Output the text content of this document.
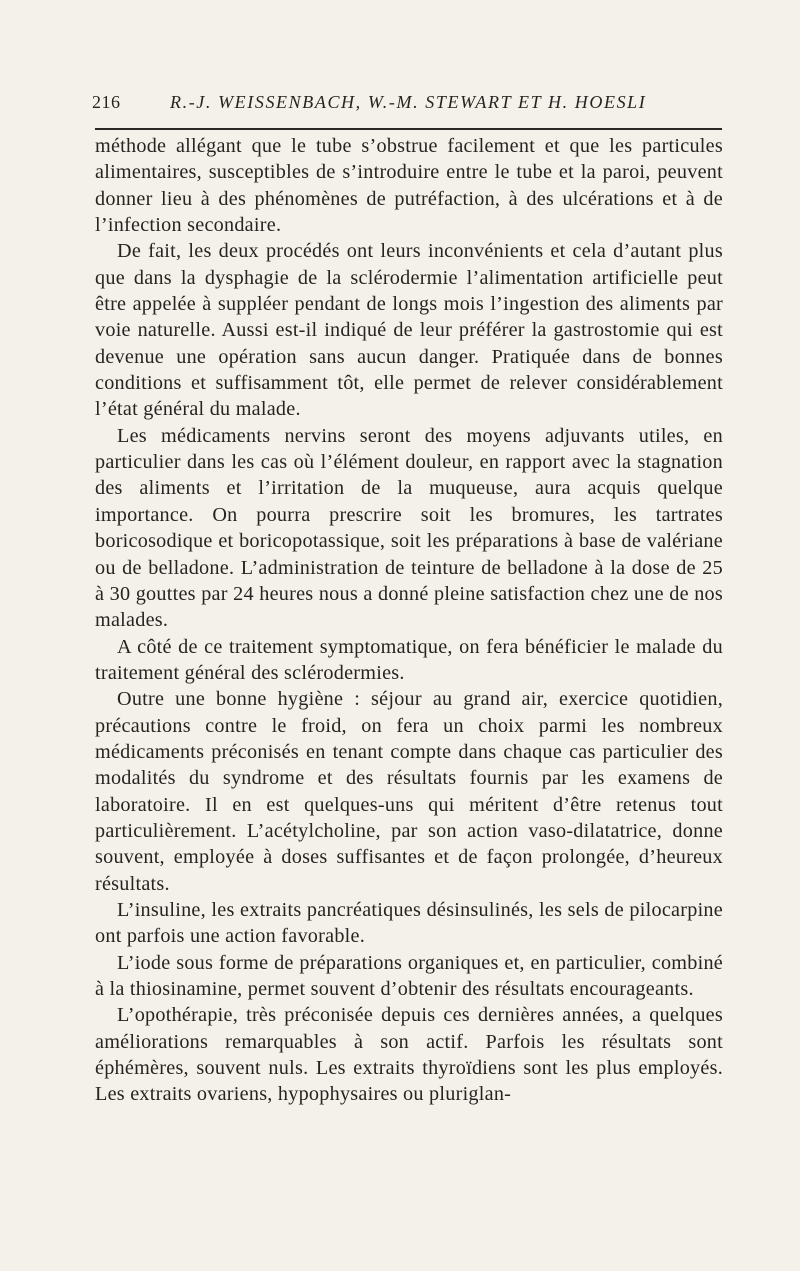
216	R.-J. WEISSENBACH, W.-M. STEWART ET H. HOESLI

méthode allégant que le tube s’obstrue facilement et que les particules alimentaires, susceptibles de s’introduire entre le tube et la paroi, peuvent donner lieu à des phénomènes de putréfaction, à des ulcérations et à de l’infection secondaire.

De fait, les deux procédés ont leurs inconvénients et cela d’autant plus que dans la dysphagie de la sclérodermie l’alimentation artificielle peut être appelée à suppléer pendant de longs mois l’ingestion des aliments par voie naturelle. Aussi est-il indiqué de leur préférer la gastrostomie qui est devenue une opération sans aucun danger. Pratiquée dans de bonnes conditions et suffisamment tôt, elle permet de relever considérablement l’état général du malade.

Les médicaments nervins seront des moyens adjuvants utiles, en particulier dans les cas où l’élément douleur, en rapport avec la stagnation des aliments et l’irritation de la muqueuse, aura acquis quelque importance. On pourra prescrire soit les bromures, les tartrates boricosodique et boricopotassique, soit les préparations à base de valériane ou de belladone. L’administration de teinture de belladone à la dose de 25 à 30 gouttes par 24 heures nous a donné pleine satisfaction chez une de nos malades.

A côté de ce traitement symptomatique, on fera bénéficier le malade du traitement général des sclérodermies.

Outre une bonne hygiène : séjour au grand air, exercice quotidien, précautions contre le froid, on fera un choix parmi les nombreux médicaments préconisés en tenant compte dans chaque cas particulier des modalités du syndrome et des résultats fournis par les examens de laboratoire. Il en est quelques-uns qui méritent d’être retenus tout particulièrement. L’acétylcholine, par son action vaso-dilatatrice, donne souvent, employée à doses suffisantes et de façon prolongée, d’heureux résultats.

L’insuline, les extraits pancréatiques désinsulinés, les sels de pilocarpine ont parfois une action favorable.

L’iode sous forme de préparations organiques et, en particulier, combiné à la thiosinamine, permet souvent d’obtenir des résultats encourageants.

L’opothérapie, très préconisée depuis ces dernières années, a quelques améliorations remarquables à son actif. Parfois les résultats sont éphémères, souvent nuls. Les extraits thyroïdiens sont les plus employés. Les extraits ovariens, hypophysaires ou pluriglan-
